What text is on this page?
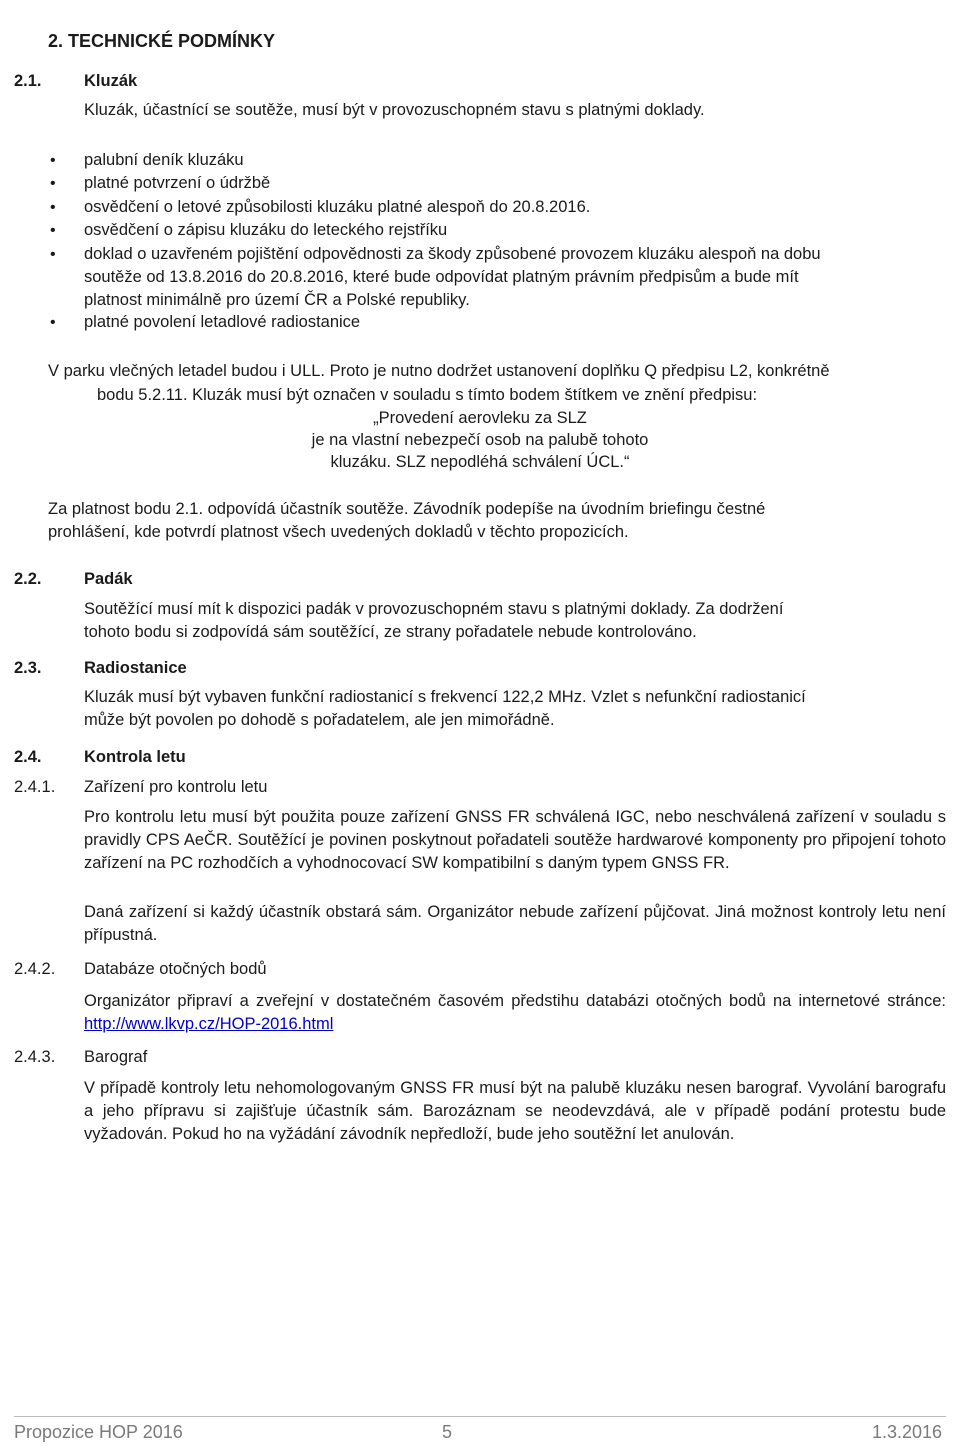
2. TECHNICKÉ PODMÍNKY
2.1.	Kluzák
Kluzák, účastnící se soutěže, musí být v provozuschopném stavu s platnými doklady.
• palubní deník kluzáku
• platné potvrzení o údržbě
• osvědčení o letové způsobilosti kluzáku platné alespoň do 20.8.2016.
• osvědčení o zápisu kluzáku do leteckého rejstříku
• doklad o uzavřeném pojištění odpovědnosti za škody způsobené provozem kluzáku alespoň na dobu
soutěže od 13.8.2016 do 20.8.2016, které bude odpovídat platným právním předpisům a bude mít
platnost minimálně pro území ČR a Polské republiky.
• platné povolení letadlové radiostanice
V parku vlečných letadel budou i ULL. Proto je nutno dodržet ustanovení doplňku Q předpisu L2, konkrétně
bodu 5.2.11. Kluzák musí být označen v souladu s tímto bodem štítkem ve znění předpisu:
„Provedení aerovleku za SLZ
je na vlastní nebezpečí osob na palubě tohoto
kluzáku. SLZ nepodléhá schválení ÚCL.“
Za platnost bodu 2.1. odpovídá účastník soutěže. Závodník podepíše na úvodním briefingu čestné
prohlášení, kde potvrdí platnost všech uvedených dokladů v těchto propozicích.
2.2.	Padák
Soutěžící musí mít k dispozici padák v provozuschopném stavu s platnými doklady. Za dodržení
tohoto bodu si zodpovídá sám soutěžící, ze strany pořadatele nebude kontrolováno.
2.3.	Radiostanice
Kluzák musí být vybaven funkční radiostanicí s frekvencí 122,2 MHz. Vzlet s nefunkční radiostanicí
může být povolen po dohodě s pořadatelem, ale jen mimořádně.
2.4.	Kontrola letu
2.4.1. Zařízení pro kontrolu letu
Pro kontrolu letu musí být použita pouze zařízení GNSS FR schválená IGC, nebo neschválená zařízení v souladu s pravidly CPS AeČR. Soutěžící je povinen poskytnout pořadateli soutěže hardwarové komponenty pro připojení tohoto zařízení na PC rozhodčích a vyhodnocovací SW kompatibilní s daným typem GNSS FR.
Daná zařízení si každý účastník obstará sám. Organizátor nebude zařízení půjčovat. Jiná možnost kontroly letu není přípustná.
2.4.2. Databáze otočných bodů
Organizátor připraví a zveřejní v dostatečném časovém předstihu databázi otočných bodů na internetové stránce: http://www.lkvp.cz/HOP-2016.html
2.4.3. Barograf
V případě kontroly letu nehomologovaným GNSS FR musí být na palubě kluzáku nesen barograf. Vyvolání barografu a jeho přípravu si zajišťuje účastník sám. Barozáznam se neodevzdává, ale v případě podání protestu bude vyžadován. Pokud ho na vyžádání závodník nepředloží, bude jeho soutěžní let anulován.
Propozice HOP 2016	5	1.3.2016
